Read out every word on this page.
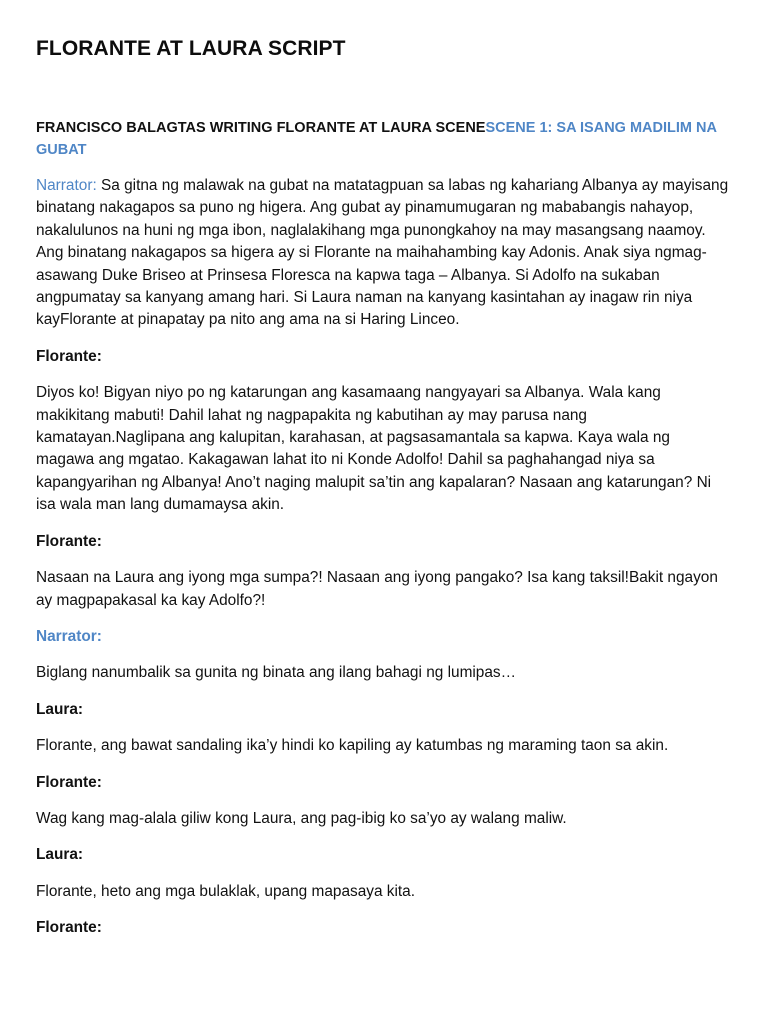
FLORANTE AT LAURA SCRIPT
FRANCISCO BALAGTAS WRITING FLORANTE AT LAURA SCENESCENE 1: SA ISANG MADILIM NA GUBAT

Narrator: Sa gitna ng malawak na gubat na matatagpuan sa labas ng kahariang Albanya ay mayisang binatang nakagapos sa puno ng higera. Ang gubat ay pinamumugaran ng mababangis nahayop, nakalulunos na huni ng mga ibon, naglalakihang mga punongkahoy na may masangsang naamoy. Ang binatang nakagapos sa higera ay si Florante na maihahambing kay Adonis. Anak siya ngmag- asawang Duke Briseo at Prinsesa Floresca na kapwa taga – Albanya. Si Adolfo na sukaban angpumatay sa kanyang amang hari. Si Laura naman na kanyang kasintahan ay inagaw rin niya kayFlorante at pinapatay pa nito ang ama na si Haring Linceo.

Florante:

Diyos ko! Bigyan niyo po ng katarungan ang kasamaang nangyayari sa Albanya. Wala kang makikitang mabuti! Dahil lahat ng nagpapakita ng kabutihan ay may parusa nang kamatayan.Naglipana ang kalupitan, karahasan, at pagsasamantala sa kapwa. Kaya wala ng magawa ang mgatao. Kakagawan lahat ito ni Konde Adolfo! Dahil sa paghahangad niya sa kapangyarihan ng Albanya! Ano’t naging malupit sa’tin ang kapalaran? Nasaan ang katarungan? Ni isa wala man lang dumamaysa akin.

Florante:

Nasaan na Laura ang iyong mga sumpa?! Nasaan ang iyong pangako? Isa kang taksil!Bakit ngayon ay magpapakasal ka kay Adolfo?!

Narrator:

Biglang nanumbalik sa gunita ng binata ang ilang bahagi ng lumipas…

Laura:

Florante, ang bawat sandaling ika’y hindi ko kapiling ay katumbas ng maraming taon sa akin.

Florante:

Wag kang mag-alala giliw kong Laura, ang pag-ibig ko sa’yo ay walang maliw.

Laura:

Florante, heto ang mga bulaklak, upang mapasaya kita.

Florante:
